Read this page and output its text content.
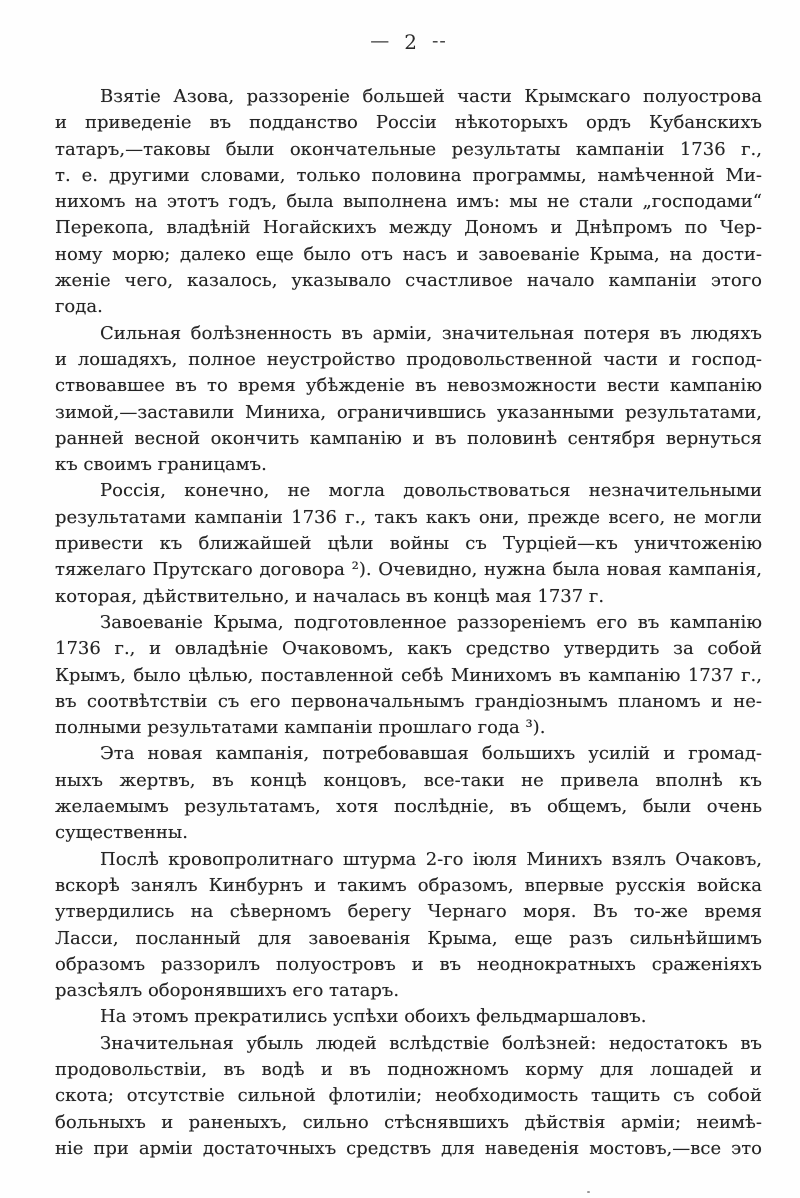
— 2 --
Взятіе Азова, раззореніе большей части Крымскаго полуострова
и приведеніе въ подданство Россіи нѣкоторыхъ ордъ Кубанскихъ
татаръ,—таковы были окончательные результаты кампаніи 1736 г.,
т. е. другими словами, только половина программы, намѣченной Ми-
нихомъ на этотъ годъ, была выполнена имъ: мы не стали „господами“
Перекопа, владѣній Ногайскихъ между Дономъ и Днѣпромъ по Чер-
ному морю; далеко еще было отъ насъ и завоеваніе Крыма, на дости-
женіе чего, казалось, указывало счастливое начало кампаніи этого
года.
Сильная болѣзненность въ арміи, значительная потеря въ людяхъ
и лошадяхъ, полное неустройство продовольственной части и господ-
ствовавшее въ то время убѣжденіе въ невозможности вести кампанію
зимой,—заставили Миниха, ограничившись указанными результатами,
ранней весной окончить кампанію и въ половинѣ сентября вернуться
къ своимъ границамъ.
Россія, конечно, не могла довольствоваться незначительными
результатами кампаніи 1736 г., такъ какъ они, прежде всего, не могли
привести къ ближайшей цѣли войны съ Турціей—къ уничтоженію
тяжелаго Прутскаго договора ²). Очевидно, нужна была новая кампанія,
которая, дѣйствительно, и началась въ концѣ мая 1737 г.
Завоеваніе Крыма, подготовленное раззореніемъ его въ кампанію
1736 г., и овладѣніе Очаковомъ, какъ средство утвердить за собой
Крымъ, было цѣлью, поставленной себѣ Минихомъ въ кампанію 1737 г.,
въ соотвѣтствіи съ его первоначальнымъ грандіознымъ планомъ и не-
полными результатами кампаніи прошлаго года ³).
Эта новая кампанія, потребовавшая большихъ усилій и громад-
ныхъ жертвъ, въ концѣ концовъ, все-таки не привела вполнѣ къ
желаемымъ результатамъ, хотя послѣдніе, въ общемъ, были очень
существенны.
Послѣ кровопролитнаго штурма 2-го іюля Минихъ взялъ Очаковъ,
вскорѣ занялъ Кинбурнъ и такимъ образомъ, впервые русскія войска
утвердились на сѣверномъ берегу Чернаго моря. Въ то-же время
Ласси, посланный для завоеванія Крыма, еще разъ сильнѣйшимъ
образомъ раззорилъ полуостровъ и въ неоднократныхъ сраженіяхъ
разсѣялъ оборонявшихъ его татаръ.
На этомъ прекратились успѣхи обоихъ фельдмаршаловъ.
Значительная убыль людей вслѣдствіе болѣзней: недостатокъ въ
продовольствіи, въ водѣ и въ подножномъ корму для лошадей и
скота; отсутствіе сильной флотиліи; необходимость тащить съ собой
больныхъ и раненыхъ, сильно стѣснявшихъ дѣйствія арміи; неимѣ-
ніе при арміи достаточныхъ средствъ для наведенія мостовъ,—все это
